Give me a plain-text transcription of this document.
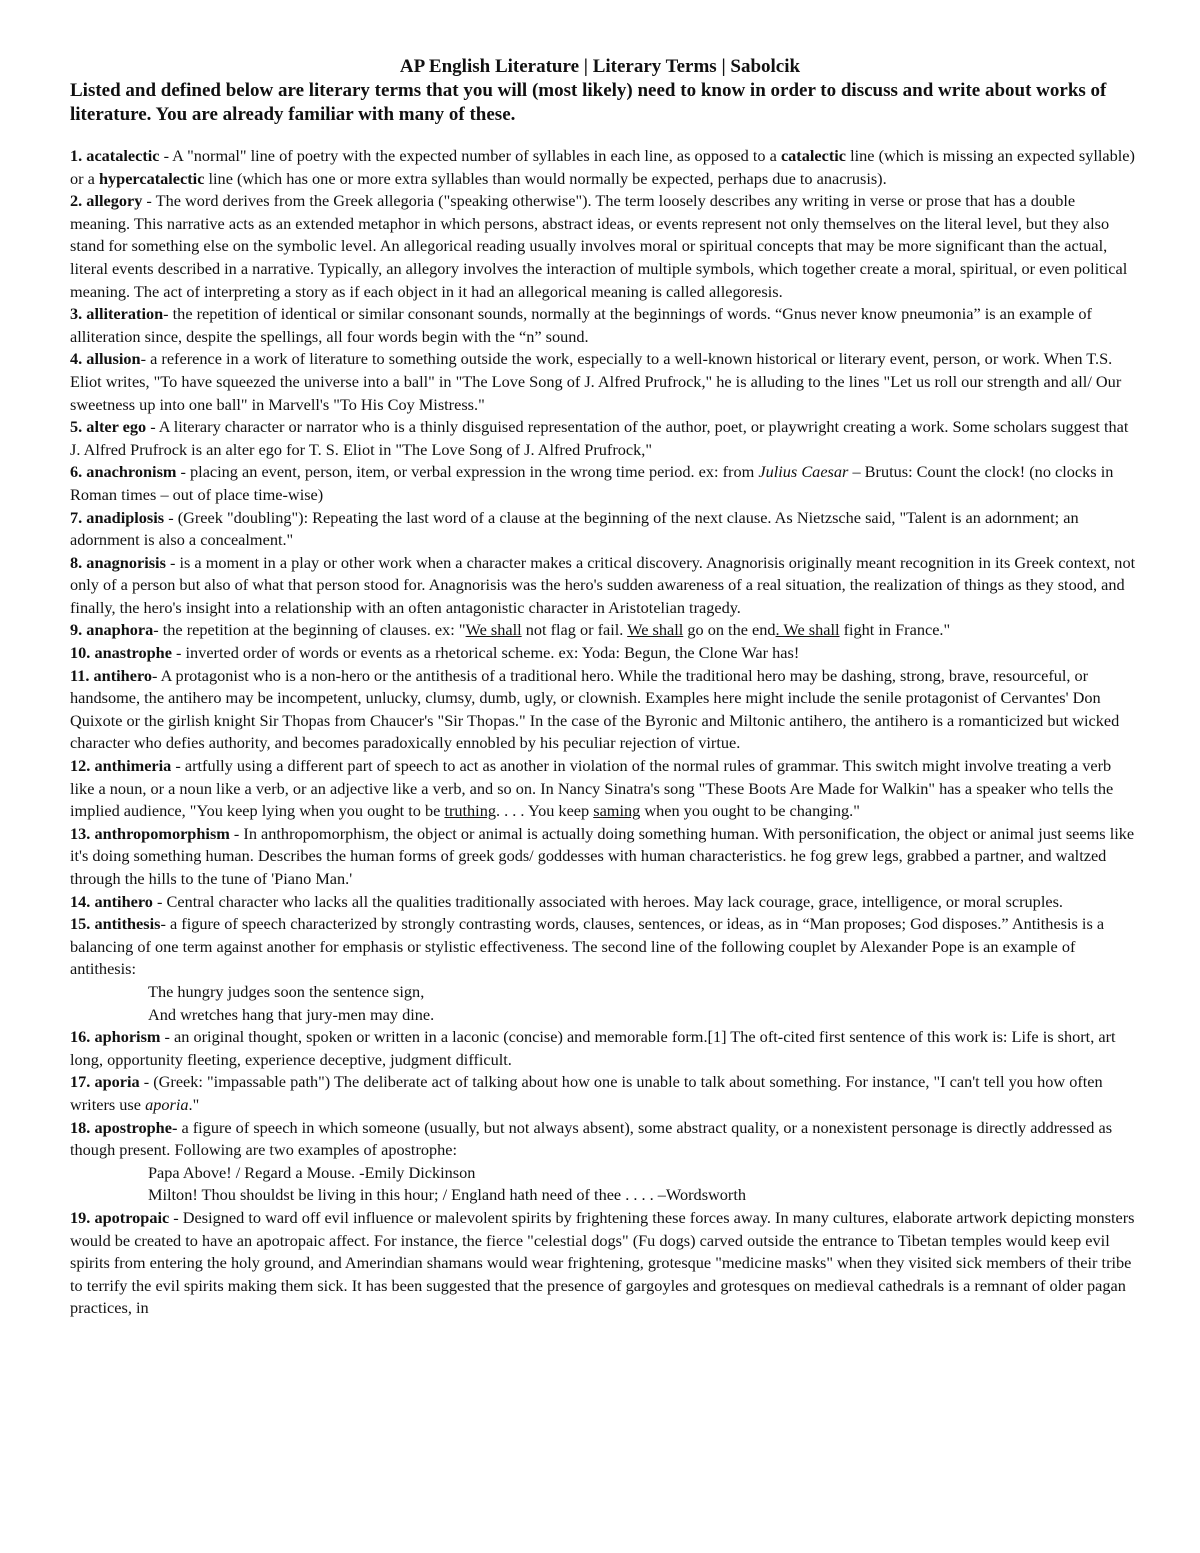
AP English Literature | Literary Terms | Sabolcik
Listed and defined below are literary terms that you will (most likely) need to know in order to discuss and write about works of literature. You are already familiar with many of these.

1. acatalectic - A "normal" line of poetry with the expected number of syllables in each line, as opposed to a catalectic line (which is missing an expected syllable) or a hypercatalectic line (which has one or more extra syllables than would normally be expected, perhaps due to anacrusis).

2. allegory - The word derives from the Greek allegoria ("speaking otherwise"). The term loosely describes any writing in verse or prose that has a double meaning. This narrative acts as an extended metaphor in which persons, abstract ideas, or events represent not only themselves on the literal level, but they also stand for something else on the symbolic level. An allegorical reading usually involves moral or spiritual concepts that may be more significant than the actual, literal events described in a narrative. Typically, an allegory involves the interaction of multiple symbols, which together create a moral, spiritual, or even political meaning. The act of interpreting a story as if each object in it had an allegorical meaning is called allegoresis.

3. alliteration- the repetition of identical or similar consonant sounds, normally at the beginnings of words. “Gnus never know pneumonia” is an example of alliteration since, despite the spellings, all four words begin with the “n” sound.

4. allusion- a reference in a work of literature to something outside the work, especially to a well-known historical or literary event, person, or work. When T.S. Eliot writes, "To have squeezed the universe into a ball" in "The Love Song of J. Alfred Prufrock," he is alluding to the lines "Let us roll our strength and all/ Our sweetness up into one ball" in Marvell's "To His Coy Mistress."

5. alter ego - A literary character or narrator who is a thinly disguised representation of the author, poet, or playwright creating a work. Some scholars suggest that J. Alfred Prufrock is an alter ego for T. S. Eliot in "The Love Song of J. Alfred Prufrock,"

6. anachronism - placing an event, person, item, or verbal expression in the wrong time period. ex: from Julius Caesar – Brutus: Count the clock! (no clocks in Roman times – out of place time-wise)

7. anadiplosis - (Greek "doubling"): Repeating the last word of a clause at the beginning of the next clause. As Nietzsche said, "Talent is an adornment; an adornment is also a concealment."

8. anagnorisis - is a moment in a play or other work when a character makes a critical discovery. Anagnorisis originally meant recognition in its Greek context, not only of a person but also of what that person stood for. Anagnorisis was the hero's sudden awareness of a real situation, the realization of things as they stood, and finally, the hero's insight into a relationship with an often antagonistic character in Aristotelian tragedy.

9. anaphora- the repetition at the beginning of clauses. ex: "We shall not flag or fail. We shall go on the end. We shall fight in France."

10. anastrophe - inverted order of words or events as a rhetorical scheme. ex: Yoda: Begun, the Clone War has!

11. antihero- A protagonist who is a non-hero or the antithesis of a traditional hero. While the traditional hero may be dashing, strong, brave, resourceful, or handsome, the antihero may be incompetent, unlucky, clumsy, dumb, ugly, or clownish. Examples here might include the senile protagonist of Cervantes' Don Quixote or the girlish knight Sir Thopas from Chaucer's "Sir Thopas." In the case of the Byronic and Miltonic antihero, the antihero is a romanticized but wicked character who defies authority, and becomes paradoxically ennobled by his peculiar rejection of virtue.

12. anthimeria - artfully using a different part of speech to act as another in violation of the normal rules of grammar. This switch might involve treating a verb like a noun, or a noun like a verb, or an adjective like a verb, and so on. In Nancy Sinatra's song "These Boots Are Made for Walkin" has a speaker who tells the implied audience, "You keep lying when you ought to be truthing. . . . You keep saming when you ought to be changing."

13. anthropomorphism - In anthropomorphism, the object or animal is actually doing something human. With personification, the object or animal just seems like it's doing something human. Describes the human forms of greek gods/ goddesses with human characteristics. he fog grew legs, grabbed a partner, and waltzed through the hills to the tune of 'Piano Man.'

14. antihero - Central character who lacks all the qualities traditionally associated with heroes. May lack courage, grace, intelligence, or moral scruples.

15. antithesis- a figure of speech characterized by strongly contrasting words, clauses, sentences, or ideas, as in “Man proposes; God disposes.” Antithesis is a balancing of one term against another for emphasis or stylistic effectiveness. The second line of the following couplet by Alexander Pope is an example of antithesis:

The hungry judges soon the sentence sign,

And wretches hang that jury-men may dine.

16. aphorism - an original thought, spoken or written in a laconic (concise) and memorable form.[1] The oft-cited first sentence of this work is: Life is short, art long, opportunity fleeting, experience deceptive, judgment difficult.

17. aporia - (Greek: "impassable path") The deliberate act of talking about how one is unable to talk about something. For instance, "I can't tell you how often writers use aporia."

18. apostrophe- a figure of speech in which someone (usually, but not always absent), some abstract quality, or a nonexistent personage is directly addressed as though present. Following are two examples of apostrophe:

Papa Above! / Regard a Mouse. -Emily Dickinson

Milton! Thou shouldst be living in this hour; / England hath need of thee . . . . –Wordsworth

19. apotropaic - Designed to ward off evil influence or malevolent spirits by frightening these forces away. In many cultures, elaborate artwork depicting monsters would be created to have an apotropaic affect. For instance, the fierce "celestial dogs" (Fu dogs) carved outside the entrance to Tibetan temples would keep evil spirits from entering the holy ground, and Amerindian shamans would wear frightening, grotesque "medicine masks" when they visited sick members of their tribe to terrify the evil spirits making them sick. It has been suggested that the presence of gargoyles and grotesques on medieval cathedrals is a remnant of older pagan practices, in
